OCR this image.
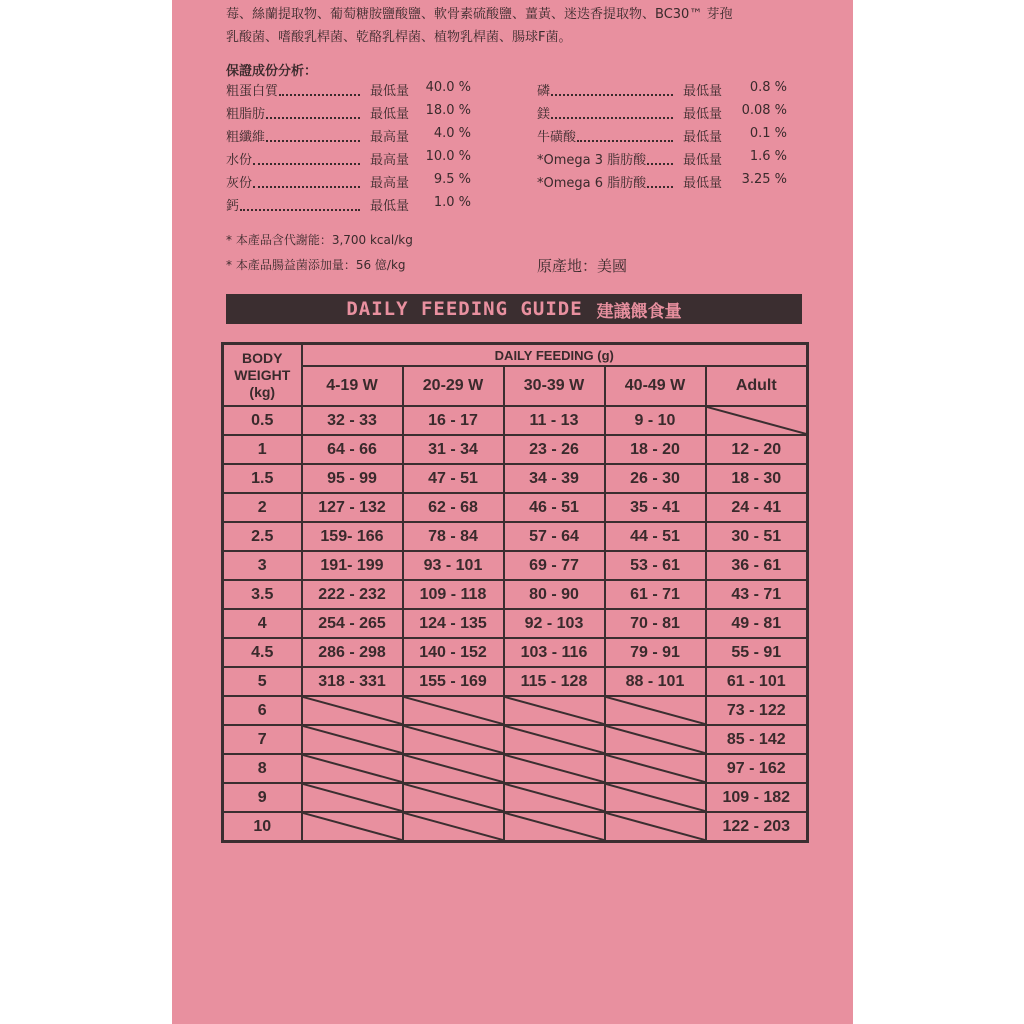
莓、絲蘭提取物、葡萄糖胺鹽酸鹽、軟骨素硫酸鹽、薑黃、迷迭香提取物、BC30™ 芽孢
乳酸菌、嗜酸乳桿菌、乾酪乳桿菌、植物乳桿菌、腸球F菌。
保證成份分析：
粗蛋白質	最低量 40.0 %
粗脂肪	最低量 18.0 %
粗纖維	最高量 4.0 %
水份	最高量 10.0 %
灰份	最高量 9.5 %
鈣	最低量 1.0 %
磷	最低量 0.8 %
鎂	最低量 0.08 %
牛磺酸	最低量 0.1 %
*Omega 3 脂肪酸	最低量 1.6 %
*Omega 6 脂肪酸	最低量 3.25 %
* 本產品含代謝能：3,700 kcal/kg
* 本產品腸益菌添加量：56 億/kg	原產地：美國
DAILY FEEDING GUIDE 建議餵食量
BODY
WEIGHT
(kg)	DAILY FEEDING (g)				
	4-19 W	20-29 W	30-39 W	40-49 W	Adult
0.5	32 - 33	16 - 17	11 - 13	9 - 10	

1	64 - 66	31 - 34	23 - 26	18 - 20	12 - 20
1.5	95 - 99	47 - 51	34 - 39	26 - 30	18 - 30
2	127 - 132	62 - 68	46 - 51	35 - 41	24 - 41
2.5	159- 166	78 - 84	57 - 64	44 - 51	30 - 51
3	191- 199	93 - 101	69 - 77	53 - 61	36 - 61
3.5	222 - 232	109 - 118	80 - 90	61 - 71	43 - 71
4	254 - 265	124 - 135	92 - 103	70 - 81	49 - 81
4.5	286 - 298	140 - 152	103 - 116	79 - 91	55 - 91
5	318 - 331	155 - 169	115 - 128	88 - 101	61 - 101
6					73 - 122
7					85 - 142
8					97 - 162
9					109 - 182
10					122 - 203
